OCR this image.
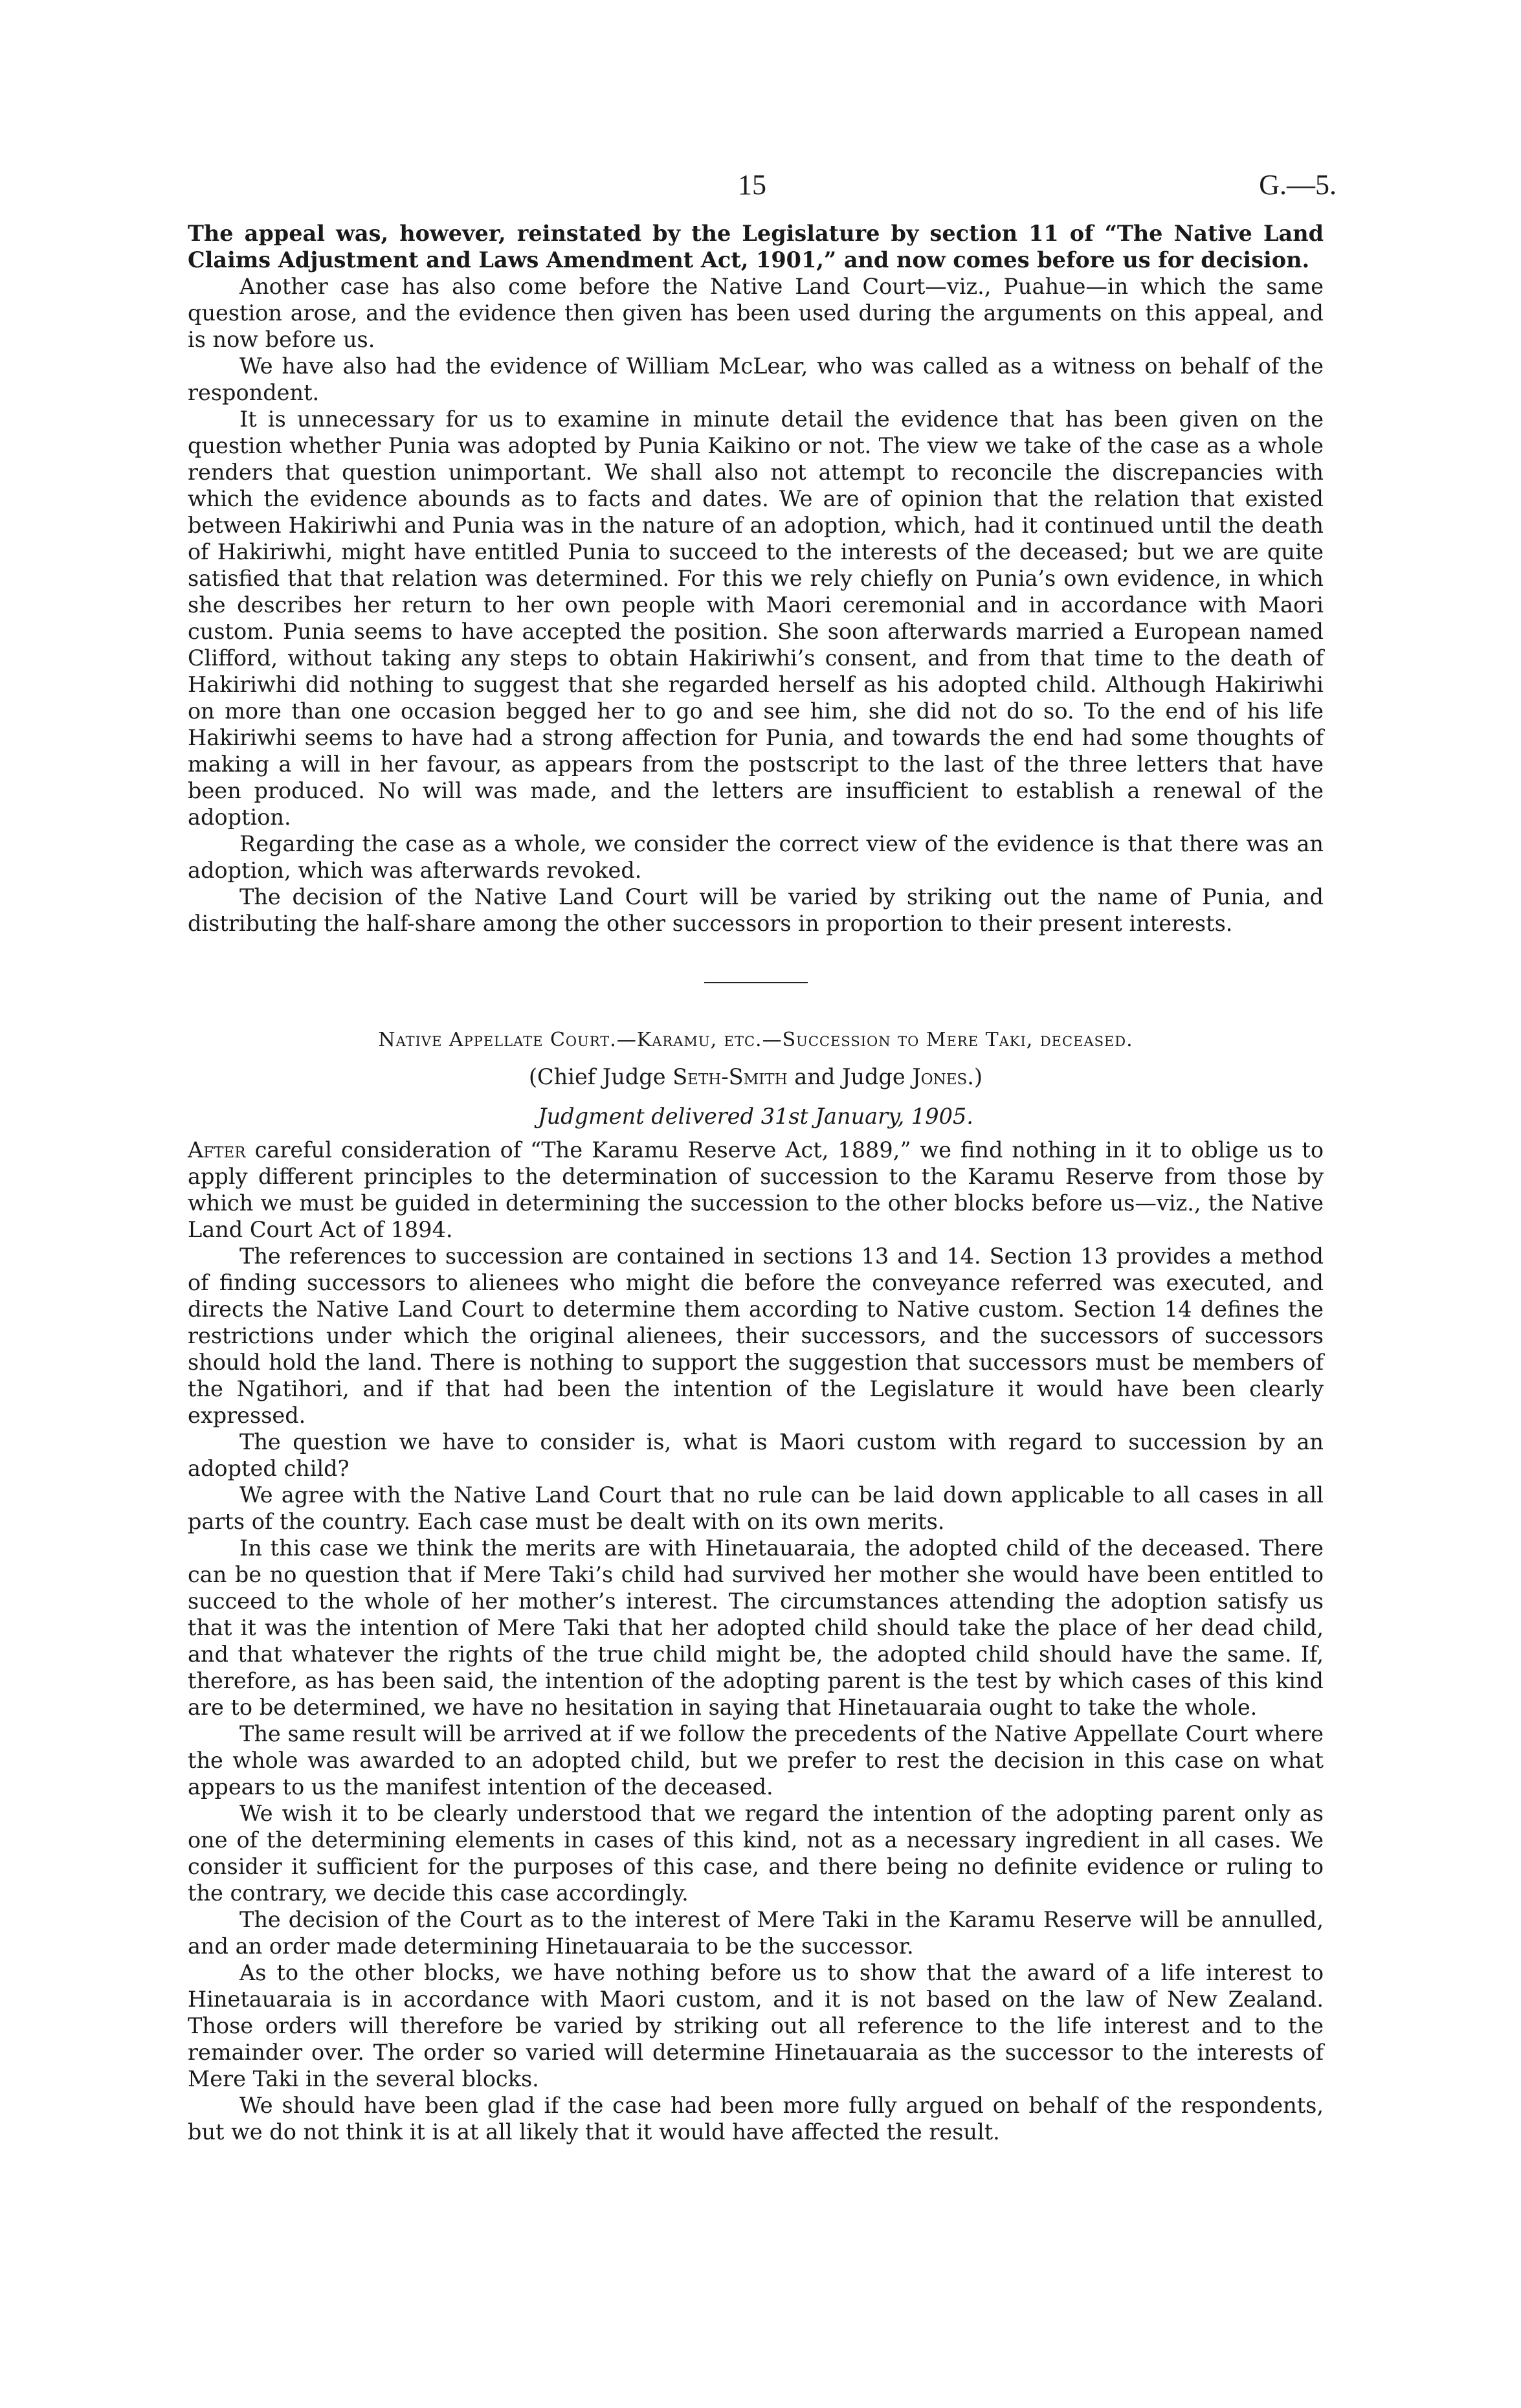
15	G.—5.

The appeal was, however, reinstated by the Legislature by section 11 of “The Native Land Claims Adjustment and Laws Amendment Act, 1901,” and now comes before us for decision.

Another case has also come before the Native Land Court—viz., Puahue—in which the same question arose, and the evidence then given has been used during the arguments on this appeal, and is now before us.

We have also had the evidence of William McLear, who was called as a witness on behalf of the respondent.

It is unnecessary for us to examine in minute detail the evidence that has been given on the question whether Punia was adopted by Punia Kaikino or not. The view we take of the case as a whole renders that question unimportant. We shall also not attempt to reconcile the discrepancies with which the evidence abounds as to facts and dates. We are of opinion that the relation that existed between Hakiriwhi and Punia was in the nature of an adoption, which, had it continued until the death of Hakiriwhi, might have entitled Punia to succeed to the interests of the deceased; but we are quite satisfied that that relation was determined. For this we rely chiefly on Punia’s own evidence, in which she describes her return to her own people with Maori ceremonial and in accordance with Maori custom. Punia seems to have accepted the position. She soon afterwards married a European named Clifford, without taking any steps to obtain Hakiriwhi’s consent, and from that time to the death of Hakiriwhi did nothing to suggest that she regarded herself as his adopted child. Although Hakiriwhi on more than one occasion begged her to go and see him, she did not do so. To the end of his life Hakiriwhi seems to have had a strong affection for Punia, and towards the end had some thoughts of making a will in her favour, as appears from the postscript to the last of the three letters that have been produced. No will was made, and the letters are insufficient to establish a renewal of the adoption.

Regarding the case as a whole, we consider the correct view of the evidence is that there was an adoption, which was afterwards revoked.

The decision of the Native Land Court will be varied by striking out the name of Punia, and distributing the half-share among the other successors in proportion to their present interests.

Native Appellate Court.—Karamu, etc.—Succession to Mere Taki, deceased.
(Chief Judge Seth-Smith and Judge Jones.)
Judgment delivered 31st January, 1905.

After careful consideration of “The Karamu Reserve Act, 1889,” we find nothing in it to oblige us to apply different principles to the determination of succession to the Karamu Reserve from those by which we must be guided in determining the succession to the other blocks before us—viz., the Native Land Court Act of 1894.

The references to succession are contained in sections 13 and 14. Section 13 provides a method of finding successors to alienees who might die before the conveyance referred was executed, and directs the Native Land Court to determine them according to Native custom. Section 14 defines the restrictions under which the original alienees, their successors, and the successors of successors should hold the land. There is nothing to support the suggestion that successors must be members of the Ngatihori, and if that had been the intention of the Legislature it would have been clearly expressed.

The question we have to consider is, what is Maori custom with regard to succession by an adopted child?

We agree with the Native Land Court that no rule can be laid down applicable to all cases in all parts of the country. Each case must be dealt with on its own merits.

In this case we think the merits are with Hinetauaraia, the adopted child of the deceased. There can be no question that if Mere Taki’s child had survived her mother she would have been entitled to succeed to the whole of her mother’s interest. The circumstances attending the adoption satisfy us that it was the intention of Mere Taki that her adopted child should take the place of her dead child, and that whatever the rights of the true child might be, the adopted child should have the same. If, therefore, as has been said, the intention of the adopting parent is the test by which cases of this kind are to be determined, we have no hesitation in saying that Hinetauaraia ought to take the whole.

The same result will be arrived at if we follow the precedents of the Native Appellate Court where the whole was awarded to an adopted child, but we prefer to rest the decision in this case on what appears to us the manifest intention of the deceased.

We wish it to be clearly understood that we regard the intention of the adopting parent only as one of the determining elements in cases of this kind, not as a necessary ingredient in all cases. We consider it sufficient for the purposes of this case, and there being no definite evidence or ruling to the contrary, we decide this case accordingly.

The decision of the Court as to the interest of Mere Taki in the Karamu Reserve will be annulled, and an order made determining Hinetauaraia to be the successor.

As to the other blocks, we have nothing before us to show that the award of a life interest to Hinetauaraia is in accordance with Maori custom, and it is not based on the law of New Zealand. Those orders will therefore be varied by striking out all reference to the life interest and to the remainder over. The order so varied will determine Hinetauaraia as the successor to the interests of Mere Taki in the several blocks.

We should have been glad if the case had been more fully argued on behalf of the respondents, but we do not think it is at all likely that it would have affected the result.
